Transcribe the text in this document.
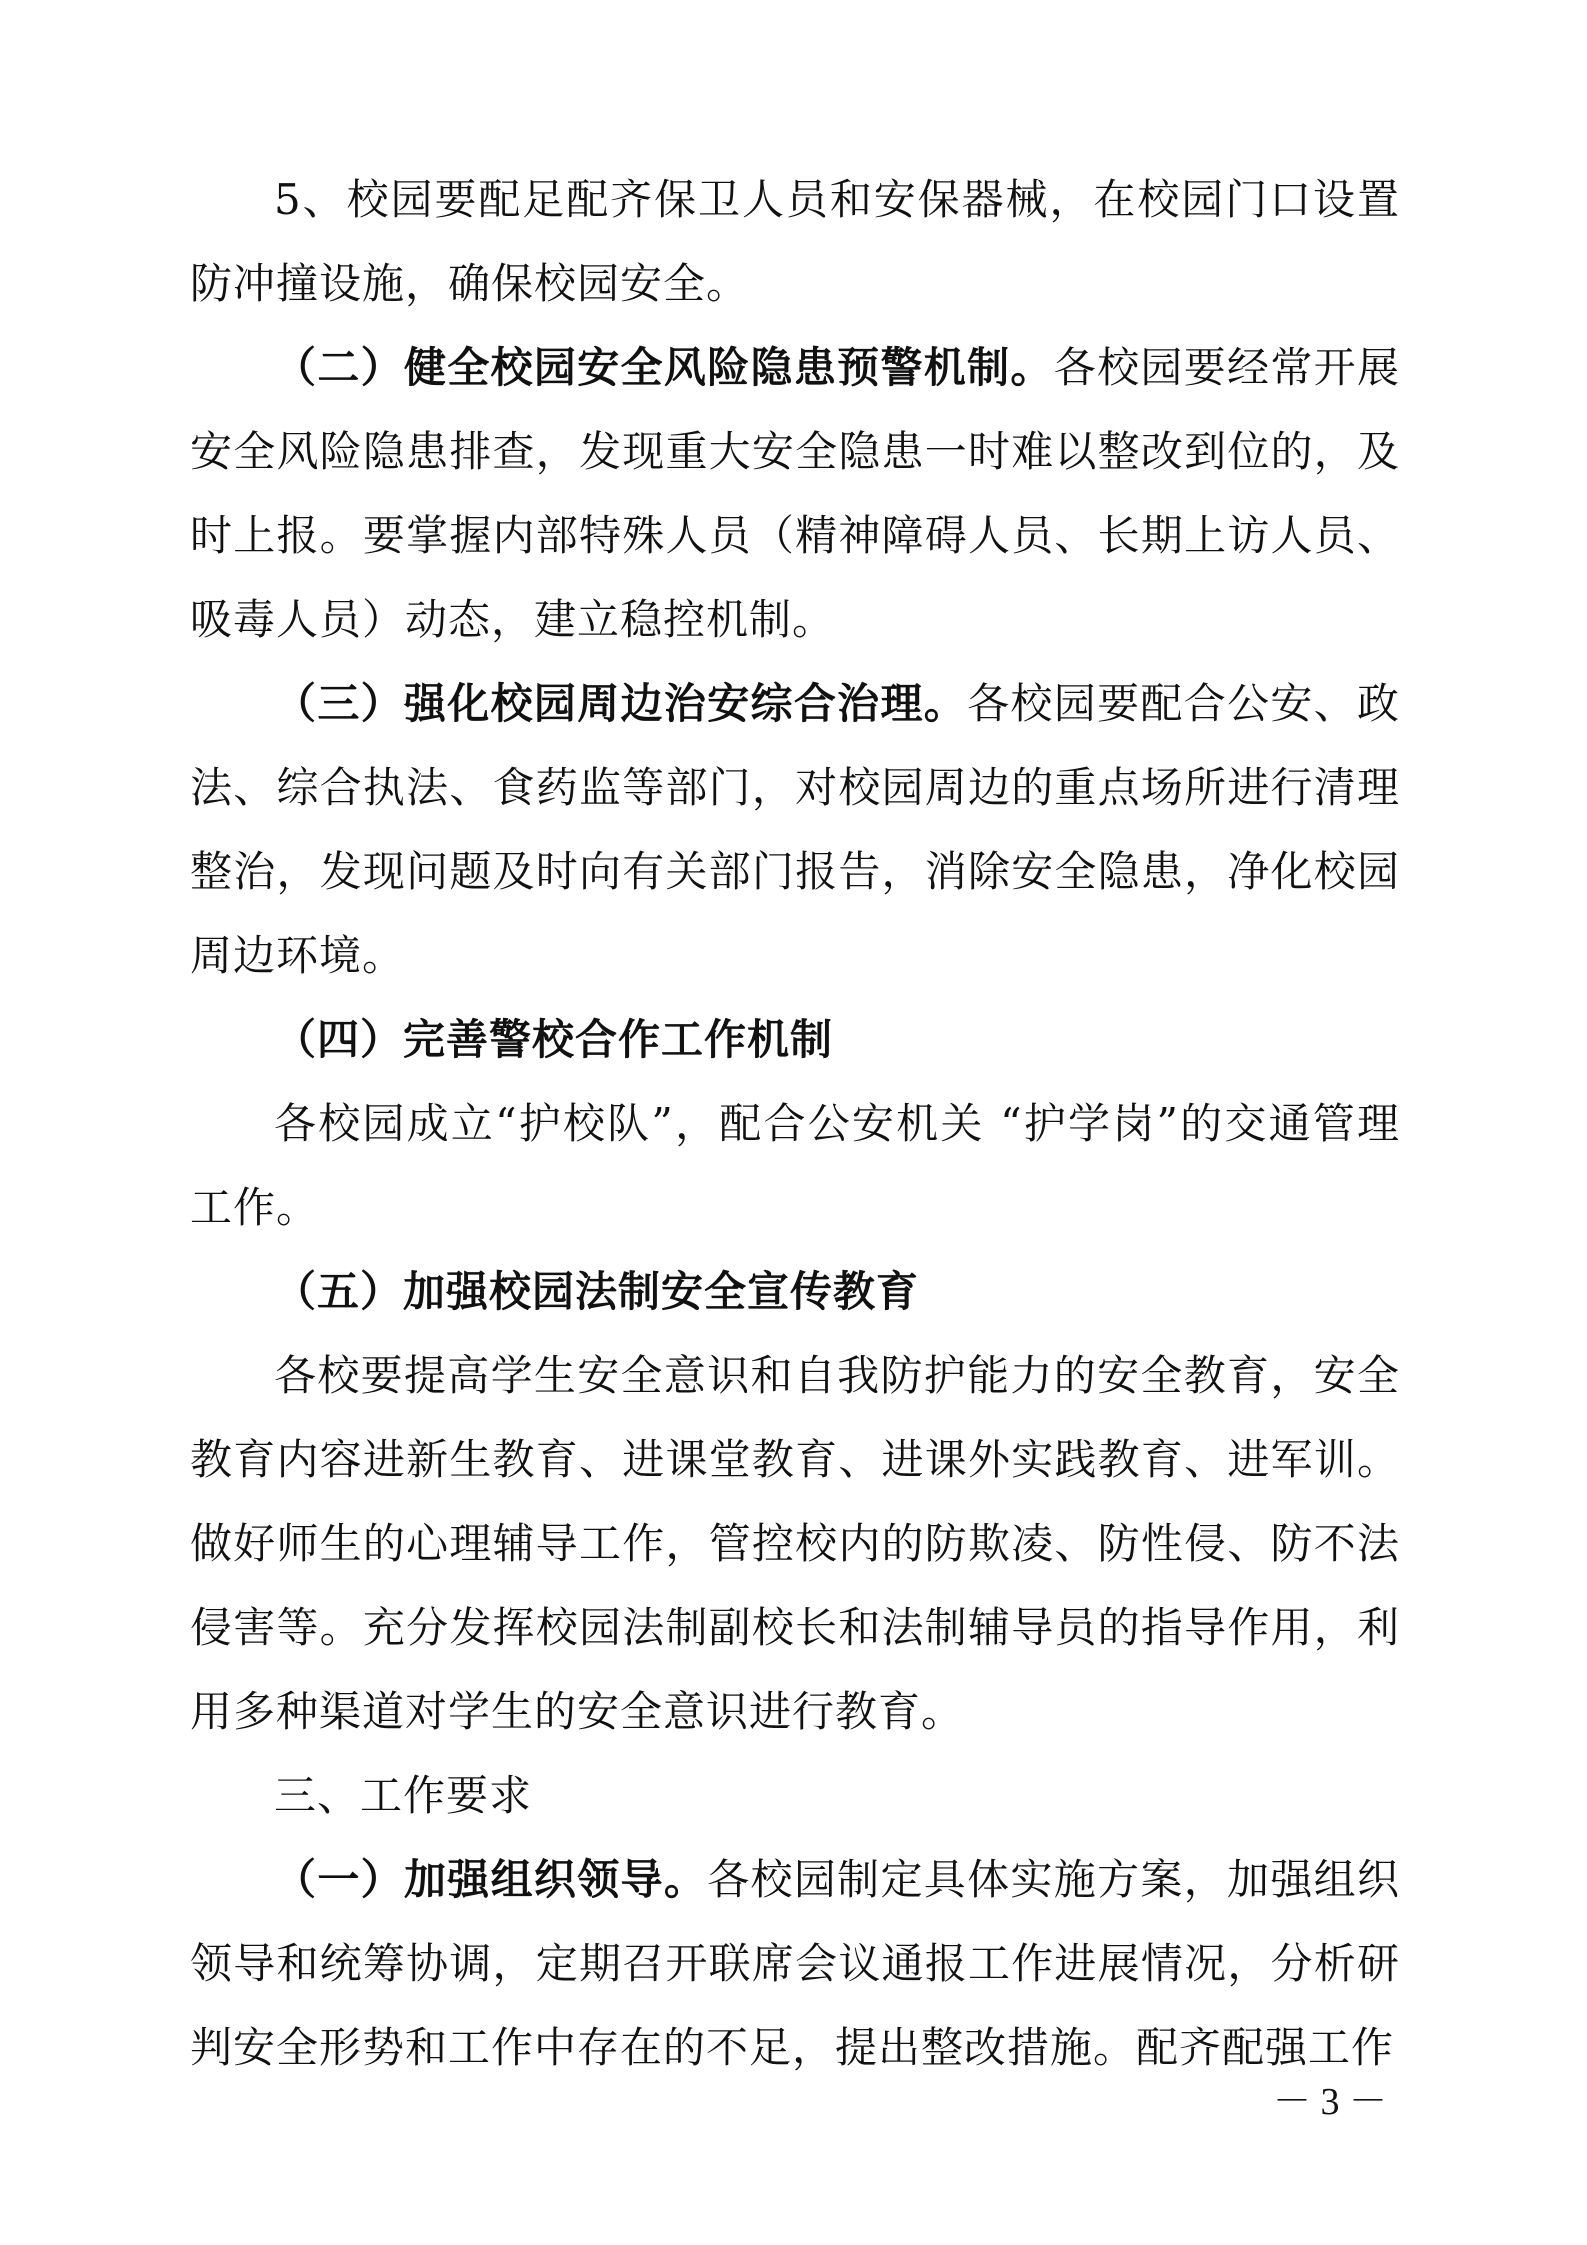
5、校园要配足配齐保卫人员和安保器械，在校园门口设置防冲撞设施，确保校园安全。

（二）健全校园安全风险隐患预警机制。各校园要经常开展安全风险隐患排查，发现重大安全隐患一时难以整改到位的，及时上报。要掌握内部特殊人员（精神障碍人员、长期上访人员、吸毒人员）动态，建立稳控机制。

（三）强化校园周边治安综合治理。各校园要配合公安、政法、综合执法、食药监等部门，对校园周边的重点场所进行清理整治，发现问题及时向有关部门报告，消除安全隐患，净化校园周边环境。

（四）完善警校合作工作机制

各校园成立“护校队”，配合公安机关 “护学岗”的交通管理工作。

（五）加强校园法制安全宣传教育

各校要提高学生安全意识和自我防护能力的安全教育，安全教育内容进新生教育、进课堂教育、进课外实践教育、进军训。做好师生的心理辅导工作，管控校内的防欺凌、防性侵、防不法侵害等。充分发挥校园法制副校长和法制辅导员的指导作用，利用多种渠道对学生的安全意识进行教育。

三、工作要求

（一）加强组织领导。各校园制定具体实施方案，加强组织领导和统筹协调，定期召开联席会议通报工作进展情况，分析研判安全形势和工作中存在的不足，提出整改措施。配齐配强工作

－ 3 －
